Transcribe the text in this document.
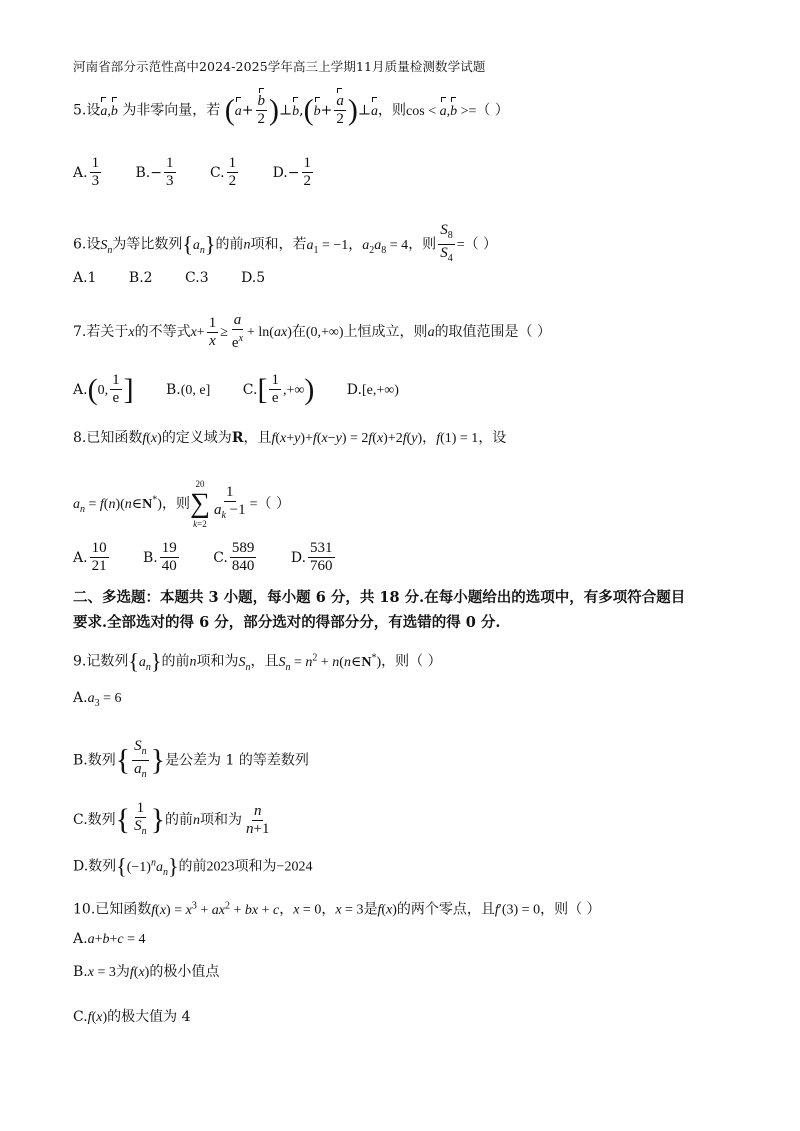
河南省部分示范性高中2024-2025学年高三上学期11月质量检测数学试题
5.设a,b 为非零向量，若 ($a+ \frac{b}{2}$ )⊥b,(b+ $\frac{a}{2}$ )⊥a，则cos < a,b >=（ ）
A. $\frac{1}{3} B.- \frac{1}{3} C$. $\frac{1}{2} D.- \frac{1}{2}$
6.设$S_n$为等比数列$\{a_n\}$的前n项和，若$a_1 = -1$，$a_2a_8 = 4$，则 $\frac{S_8}{S_4}$ =（ ）
A.1 B.2 C.3 D.5
7.若关于x的不等式$x+ \frac{1}{x} \ge \frac{a}{e^x} + \ln(ax)$在(0,+∞)上恒成立，则a的取值范围是（ ）
A.(0, $\frac{1}{e}$ ] B.(0, e] $C.[ \frac{1}{e}$ ,+∞) D.[e,+∞)
8.已知函数f(x)的定义域为R，且f(x+y)+f(x−y) = 2f(x)+2f(y)，f(1) = 1，设
$a_n$ = f(n)(n∈N*)，则
20
∑
$k=2 \frac{1}{a_k -1}$ =（ ）
A. $\frac{10}{21} B$. $\frac{19}{40} C$. $\frac{589}{840} D$. $\frac{531}{760}$
二、多选题：本题共 3 小题，每小题 6 分，共 18 分.在每小题给出的选项中，有多项符合题目
要求.全部选对的得 6 分，部分选对的得部分分，有选错的得 0 分.
9.记数列$\{a_n\}$的前n项和为$S_n$，且$S_n = n^2$ + n(n∈N*)，则（ ）
$A.a_3 = 6$
B.数列{ $\frac{S_n}{a_n}$ }是公差为 1 的等差数列
C.数列{ $\frac{1}{S_n}$ }的前n项和为 $\frac{n}{n+1}$
D.数列$\{(-1)^na_n\}$的前2023项和为−2024
10.已知函数$f(x) = x^3 + ax^2$ + bx + c，x = 0，x = 3是f(x)的两个零点，且f′(3) = 0，则（ ）
A.a+b+c = 4
B.x = 3为f(x)的极小值点
C.f(x)的极大值为 4
